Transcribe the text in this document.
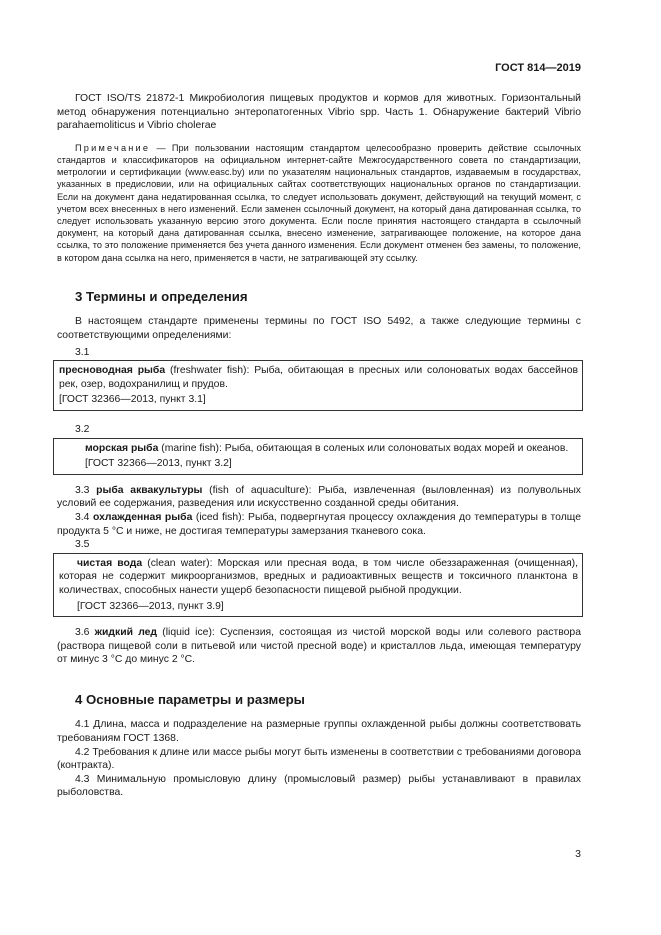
ГОСТ 814—2019

ГОСТ ISO/TS 21872-1 Микробиология пищевых продуктов и кормов для животных. Горизонтальный метод обнаружения потенциально энтеропатогенных Vibrio spp. Часть 1. Обнаружение бактерий Vibrio parahaemoliticus и Vibrio cholerae

Примечание — При пользовании настоящим стандартом целесообразно проверить действие ссылочных стандартов и классификаторов на официальном интернет-сайте Межгосударственного совета по стандартизации, метрологии и сертификации (www.easc.by) или по указателям национальных стандартов, издаваемым в государствах, указанных в предисловии, или на официальных сайтах соответствующих национальных органов по стандартизации. Если на документ дана недатированная ссылка, то следует использовать документ, действующий на текущий момент, с учетом всех внесенных в него изменений. Если заменен ссылочный документ, на который дана датированная ссылка, то следует использовать указанную версию этого документа. Если после принятия настоящего стандарта в ссылочный документ, на который дана датированная ссылка, внесено изменение, затрагивающее положение, на которое дана ссылка, то это положение применяется без учета данного изменения. Если документ отменен без замены, то положение, в котором дана ссылка на него, применяется в части, не затрагивающей эту ссылку.

3 Термины и определения

В настоящем стандарте применены термины по ГОСТ ISO 5492, а также следующие термины с соответствующими определениями:

3.1

пресноводная рыба (freshwater fish): Рыба, обитающая в пресных или солоноватых водах бассейнов рек, озер, водохранилищ и прудов.

[ГОСТ 32366—2013, пункт 3.1]

3.2

морская рыба (marine fish): Рыба, обитающая в соленых или солоноватых водах морей и океанов.

[ГОСТ 32366—2013, пункт 3.2]

3.3 рыба аквакультуры (fish of aquaculture): Рыба, извлеченная (выловленная) из полувольных условий ее содержания, разведения или искусственно созданной среды обитания.

3.4 охлажденная рыба (iced fish): Рыба, подвергнутая процессу охлаждения до температуры в толще продукта 5 °С и ниже, не достигая температуры замерзания тканевого сока.

3.5

чистая вода (clean water): Морская или пресная вода, в том числе обеззараженная (очищенная), которая не содержит микроорганизмов, вредных и радиоактивных веществ и токсичного планктона в количествах, способных нанести ущерб безопасности пищевой рыбной продукции.

[ГОСТ 32366—2013, пункт 3.9]

3.6 жидкий лед (liquid ice): Суспензия, состоящая из чистой морской воды или солевого раствора (раствора пищевой соли в питьевой или чистой пресной воде) и кристаллов льда, имеющая температуру от минус 3 °С до минус 2 °С.

4 Основные параметры и размеры

4.1 Длина, масса и подразделение на размерные группы охлажденной рыбы должны соответствовать требованиям ГОСТ 1368.

4.2 Требования к длине или массе рыбы могут быть изменены в соответствии с требованиями договора (контракта).

4.3 Минимальную промысловую длину (промысловый размер) рыбы устанавливают в правилах рыболовства.

3
